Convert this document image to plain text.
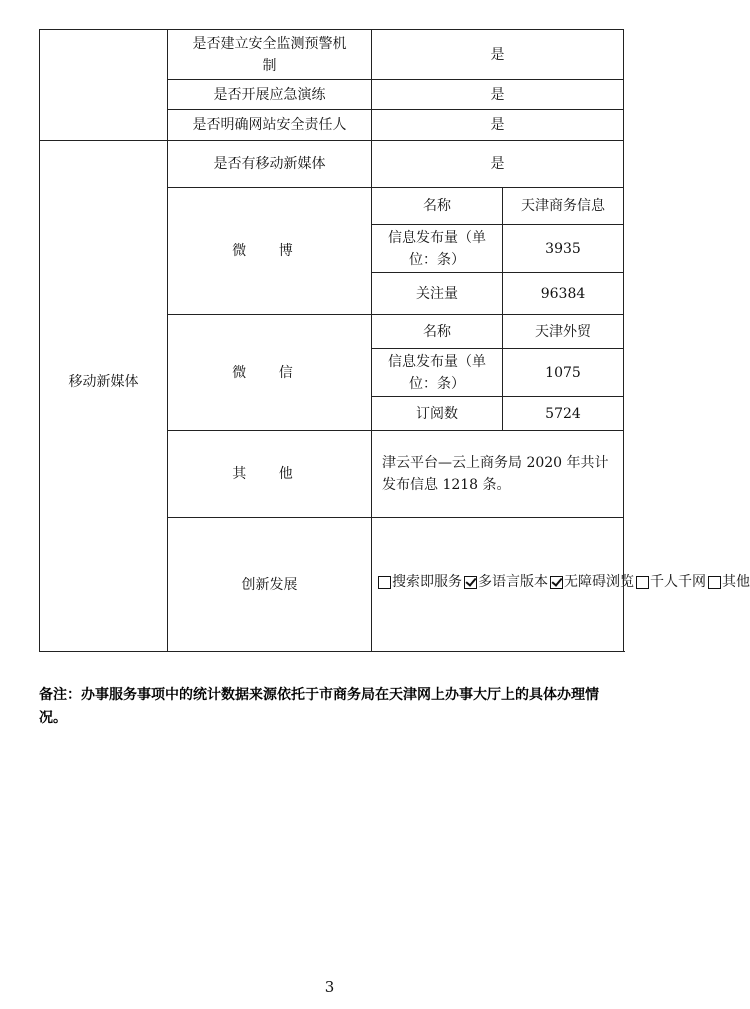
	是否建立安全监测预警机制	是	
	是否开展应急演练	是	
	是否明确网站安全责任人	是	
移动新媒体	是否有移动新媒体	是	
	微 博	名称	天津商务信息
		信息发布量（单位：条）	3935
		关注量	96384
	微 信	名称	天津外贸
		信息发布量（单位：条）	1075
		订阅数	5724
	其 他	津云平台—云上商务局 2020 年共计发布信息 1218 条。	
	创新发展	搜索即服务 多语言版本 无障碍浏览 千人千网 其他	
备注：办事服务事项中的统计数据来源依托于市商务局在天津网上办事大厅上的具体办理情况。
3
